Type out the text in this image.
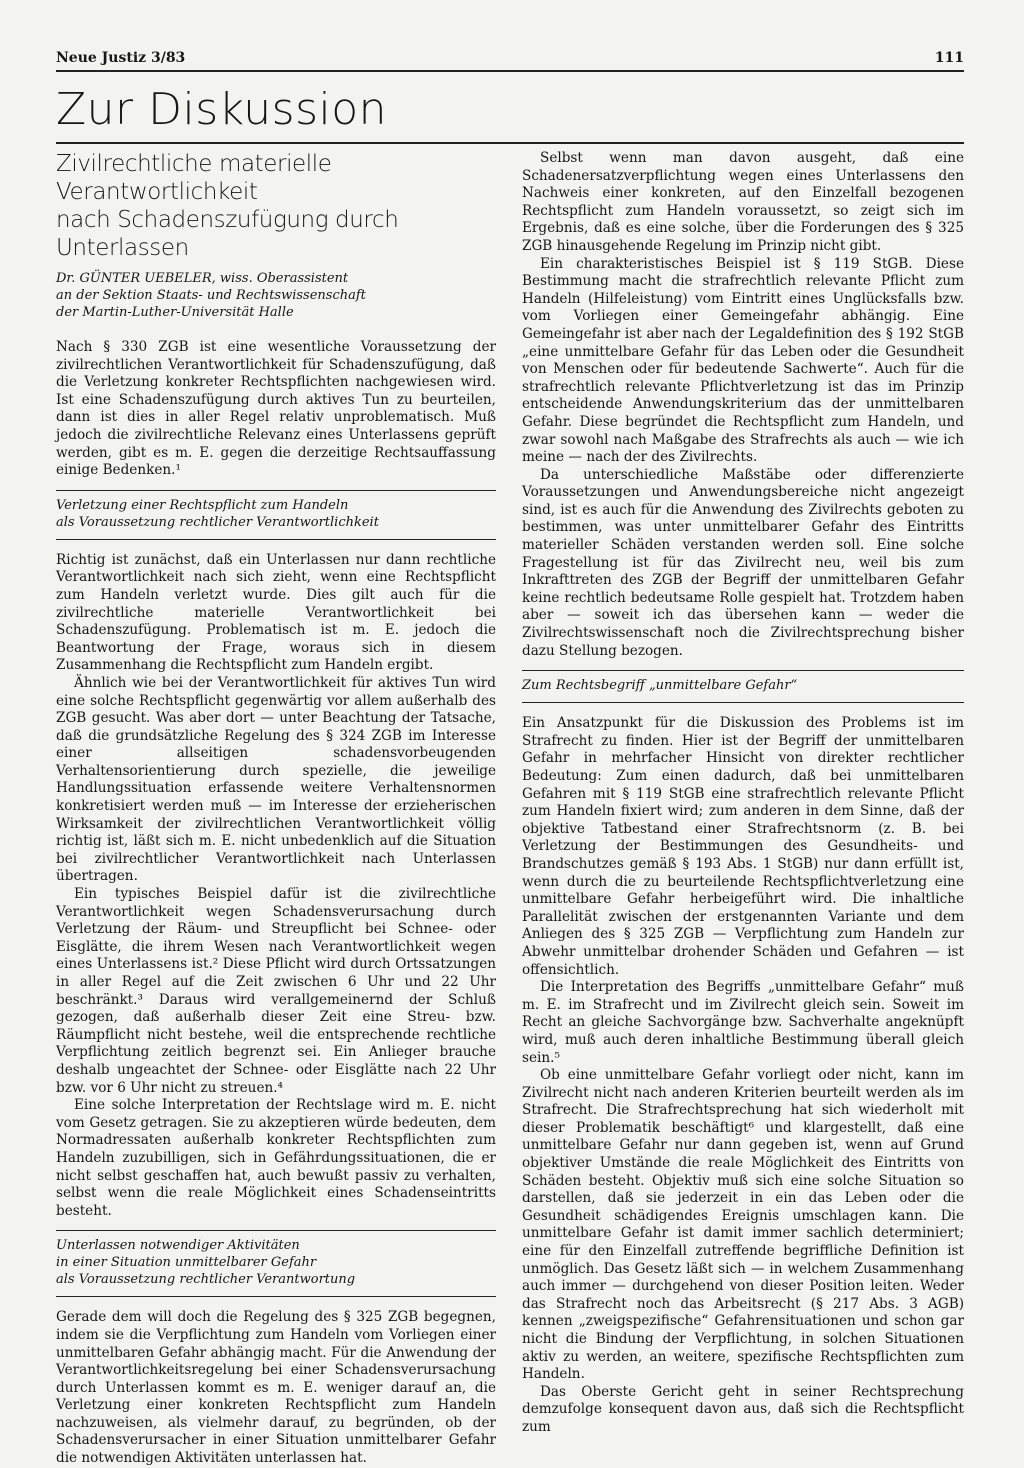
Neue Justiz 3/83	111
Zur Diskussion
Zivilrechtliche materielle Verantwortlichkeit
nach Schadenszufügung durch Unterlassen
Dr. GÜNTER UEBELER, wiss. Oberassistent
an der Sektion Staats- und Rechtswissenschaft
der Martin-Luther-Universität Halle

Nach § 330 ZGB ist eine wesentliche Voraussetzung der zivilrechtlichen Verantwortlichkeit für Schadenszufügung, daß die Verletzung konkreter Rechtspflichten nachgewiesen wird. Ist eine Schadenszufügung durch aktives Tun zu beurteilen, dann ist dies in aller Regel relativ unproblematisch. Muß jedoch die zivilrechtliche Relevanz eines Unterlassens geprüft werden, gibt es m. E. gegen die derzeitige Rechtsauffassung einige Bedenken.¹

Verletzung einer Rechtspflicht zum Handeln
als Voraussetzung rechtlicher Verantwortlichkeit

Richtig ist zunächst, daß ein Unterlassen nur dann rechtliche Verantwortlichkeit nach sich zieht, wenn eine Rechtspflicht zum Handeln verletzt wurde. Dies gilt auch für die zivilrechtliche materielle Verantwortlichkeit bei Schadenszufügung. Problematisch ist m. E. jedoch die Beantwortung der Frage, woraus sich in diesem Zusammenhang die Rechtspflicht zum Handeln ergibt.

Ähnlich wie bei der Verantwortlichkeit für aktives Tun wird eine solche Rechtspflicht gegenwärtig vor allem außerhalb des ZGB gesucht. Was aber dort — unter Beachtung der Tatsache, daß die grundsätzliche Regelung des § 324 ZGB im Interesse einer allseitigen schadensvorbeugenden Verhaltensorientierung durch spezielle, die jeweilige Handlungssituation erfassende weitere Verhaltensnormen konkretisiert werden muß — im Interesse der erzieherischen Wirksamkeit der zivilrechtlichen Verantwortlichkeit völlig richtig ist, läßt sich m. E. nicht unbedenklich auf die Situation bei zivilrechtlicher Verantwortlichkeit nach Unterlassen übertragen.

Ein typisches Beispiel dafür ist die zivilrechtliche Verantwortlichkeit wegen Schadensverursachung durch Verletzung der Räum- und Streupflicht bei Schnee- oder Eisglätte, die ihrem Wesen nach Verantwortlichkeit wegen eines Unterlassens ist.² Diese Pflicht wird durch Ortssatzungen in aller Regel auf die Zeit zwischen 6 Uhr und 22 Uhr beschränkt.³ Daraus wird verallgemeinernd der Schluß gezogen, daß außerhalb dieser Zeit eine Streu- bzw. Räumpflicht nicht bestehe, weil die entsprechende rechtliche Verpflichtung zeitlich begrenzt sei. Ein Anlieger brauche deshalb ungeachtet der Schnee- oder Eisglätte nach 22 Uhr bzw. vor 6 Uhr nicht zu streuen.⁴

Eine solche Interpretation der Rechtslage wird m. E. nicht vom Gesetz getragen. Sie zu akzeptieren würde bedeuten, dem Normadressaten außerhalb konkreter Rechtspflichten zum Handeln zuzubilligen, sich in Gefährdungssituationen, die er nicht selbst geschaffen hat, auch bewußt passiv zu verhalten, selbst wenn die reale Möglichkeit eines Schadenseintritts besteht.

Unterlassen notwendiger Aktivitäten
in einer Situation unmittelbarer Gefahr
als Voraussetzung rechtlicher Verantwortung

Gerade dem will doch die Regelung des § 325 ZGB begegnen, indem sie die Verpflichtung zum Handeln vom Vorliegen einer unmittelbaren Gefahr abhängig macht. Für die Anwendung der Verantwortlichkeitsregelung bei einer Schadensverursachung durch Unterlassen kommt es m. E. weniger darauf an, die Verletzung einer konkreten Rechtspflicht zum Handeln nachzuweisen, als vielmehr darauf, zu begründen, ob der Schadensverursacher in einer Situation unmittelbarer Gefahr die notwendigen Aktivitäten unterlassen hat.

Selbst wenn man davon ausgeht, daß eine Schadenersatzverpflichtung wegen eines Unterlassens den Nachweis einer konkreten, auf den Einzelfall bezogenen Rechtspflicht zum Handeln voraussetzt, so zeigt sich im Ergebnis, daß es eine solche, über die Forderungen des § 325 ZGB hinausgehende Regelung im Prinzip nicht gibt.

Ein charakteristisches Beispiel ist § 119 StGB. Diese Bestimmung macht die strafrechtlich relevante Pflicht zum Handeln (Hilfeleistung) vom Eintritt eines Unglücksfalls bzw. vom Vorliegen einer Gemeingefahr abhängig. Eine Gemeingefahr ist aber nach der Legaldefinition des § 192 StGB „eine unmittelbare Gefahr für das Leben oder die Gesundheit von Menschen oder für bedeutende Sachwerte“. Auch für die strafrechtlich relevante Pflichtverletzung ist das im Prinzip entscheidende Anwendungskriterium das der unmittelbaren Gefahr. Diese begründet die Rechtspflicht zum Handeln, und zwar sowohl nach Maßgabe des Strafrechts als auch — wie ich meine — nach der des Zivilrechts.

Da unterschiedliche Maßstäbe oder differenzierte Voraussetzungen und Anwendungsbereiche nicht angezeigt sind, ist es auch für die Anwendung des Zivilrechts geboten zu bestimmen, was unter unmittelbarer Gefahr des Eintritts materieller Schäden verstanden werden soll. Eine solche Fragestellung ist für das Zivilrecht neu, weil bis zum Inkrafttreten des ZGB der Begriff der unmittelbaren Gefahr keine rechtlich bedeutsame Rolle gespielt hat. Trotzdem haben aber — soweit ich das übersehen kann — weder die Zivilrechtswissenschaft noch die Zivilrechtsprechung bisher dazu Stellung bezogen.

Zum Rechtsbegriff „unmittelbare Gefahr“

Ein Ansatzpunkt für die Diskussion des Problems ist im Strafrecht zu finden. Hier ist der Begriff der unmittelbaren Gefahr in mehrfacher Hinsicht von direkter rechtlicher Bedeutung: Zum einen dadurch, daß bei unmittelbaren Gefahren mit § 119 StGB eine strafrechtlich relevante Pflicht zum Handeln fixiert wird; zum anderen in dem Sinne, daß der objektive Tatbestand einer Strafrechtsnorm (z. B. bei Verletzung der Bestimmungen des Gesundheits- und Brandschutzes gemäß § 193 Abs. 1 StGB) nur dann erfüllt ist, wenn durch die zu beurteilende Rechtspflichtverletzung eine unmittelbare Gefahr herbeigeführt wird. Die inhaltliche Parallelität zwischen der erstgenannten Variante und dem Anliegen des § 325 ZGB — Verpflichtung zum Handeln zur Abwehr unmittelbar drohender Schäden und Gefahren — ist offensichtlich.

Die Interpretation des Begriffs „unmittelbare Gefahr“ muß m. E. im Strafrecht und im Zivilrecht gleich sein. Soweit im Recht an gleiche Sachvorgänge bzw. Sachverhalte angeknüpft wird, muß auch deren inhaltliche Bestimmung überall gleich sein.⁵

Ob eine unmittelbare Gefahr vorliegt oder nicht, kann im Zivilrecht nicht nach anderen Kriterien beurteilt werden als im Strafrecht. Die Strafrechtsprechung hat sich wiederholt mit dieser Problematik beschäftigt⁶ und klargestellt, daß eine unmittelbare Gefahr nur dann gegeben ist, wenn auf Grund objektiver Umstände die reale Möglichkeit des Eintritts von Schäden besteht. Objektiv muß sich eine solche Situation so darstellen, daß sie jederzeit in ein das Leben oder die Gesundheit schädigendes Ereignis umschlagen kann. Die unmittelbare Gefahr ist damit immer sachlich determiniert; eine für den Einzelfall zutreffende begriffliche Definition ist unmöglich. Das Gesetz läßt sich — in welchem Zusammenhang auch immer — durchgehend von dieser Position leiten. Weder das Strafrecht noch das Arbeitsrecht (§ 217 Abs. 3 AGB) kennen „zweigspezifische“ Gefahrensituationen und schon gar nicht die Bindung der Verpflichtung, in solchen Situationen aktiv zu werden, an weitere, spezifische Rechtspflichten zum Handeln.

Das Oberste Gericht geht in seiner Rechtsprechung demzufolge konsequent davon aus, daß sich die Rechtspflicht zum
